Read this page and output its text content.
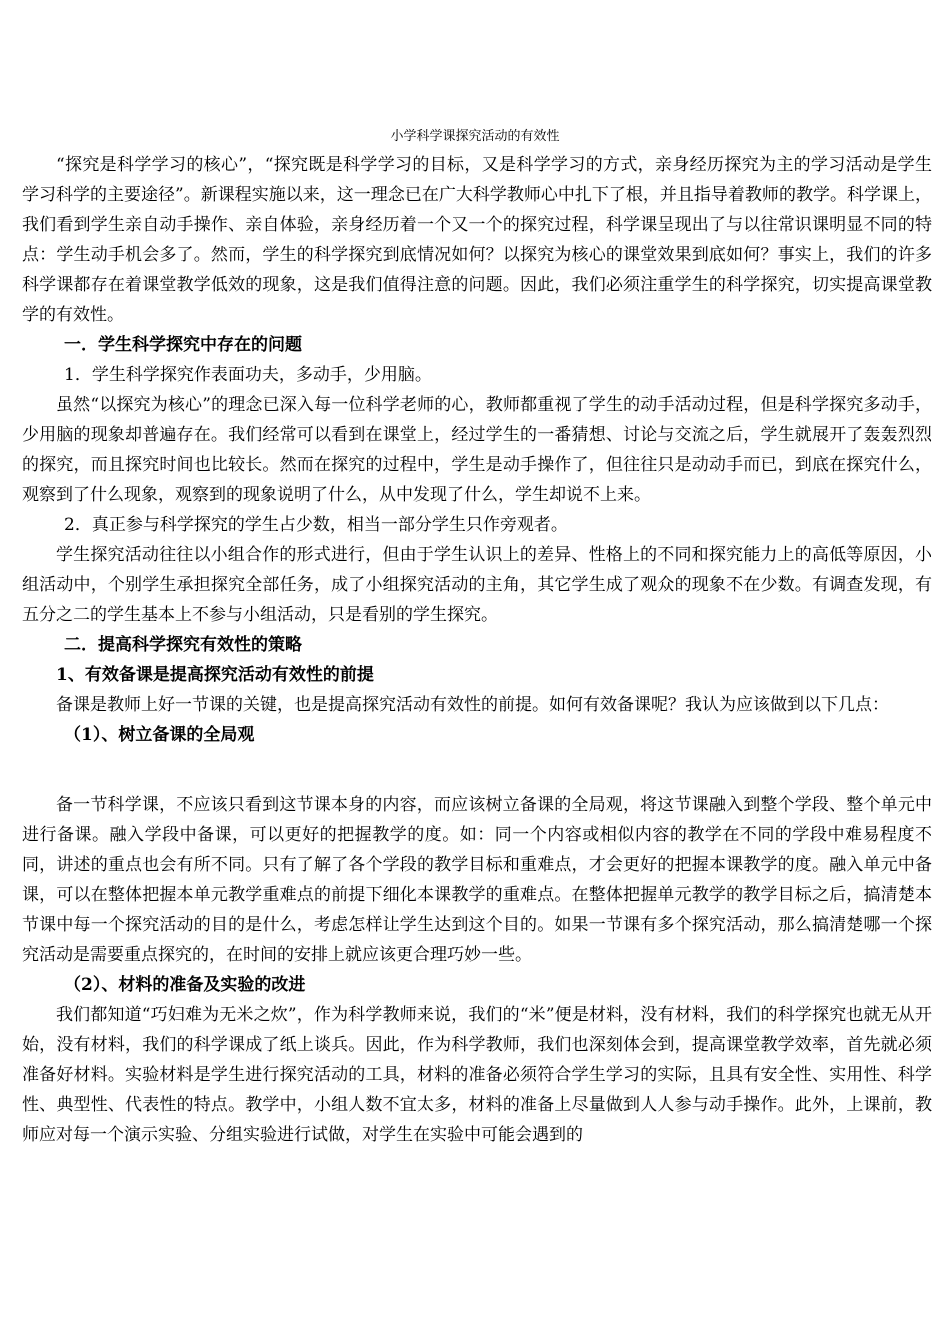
小学科学课探究活动的有效性

“探究是科学学习的核心”，“探究既是科学学习的目标，又是科学学习的方式，亲身经历探究为主的学习活动是学生学习科学的主要途径”。新课程实施以来，这一理念已在广大科学教师心中扎下了根，并且指导着教师的教学。科学课上，我们看到学生亲自动手操作、亲自体验，亲身经历着一个又一个的探究过程，科学课呈现出了与以往常识课明显不同的特点：学生动手机会多了。然而，学生的科学探究到底情况如何？以探究为核心的课堂效果到底如何？事实上，我们的许多科学课都存在着课堂教学低效的现象，这是我们值得注意的问题。因此，我们必须注重学生的科学探究，切实提高课堂教学的有效性。

一．学生科学探究中存在的问题

1．学生科学探究作表面功夫，多动手，少用脑。

虽然“以探究为核心”的理念已深入每一位科学老师的心，教师都重视了学生的动手活动过程，但是科学探究多动手，少用脑的现象却普遍存在。我们经常可以看到在课堂上，经过学生的一番猜想、讨论与交流之后，学生就展开了轰轰烈烈的探究，而且探究时间也比较长。然而在探究的过程中，学生是动手操作了，但往往只是动动手而已，到底在探究什么，观察到了什么现象，观察到的现象说明了什么，从中发现了什么，学生却说不上来。

2．真正参与科学探究的学生占少数，相当一部分学生只作旁观者。

学生探究活动往往以小组合作的形式进行，但由于学生认识上的差异、性格上的不同和探究能力上的高低等原因，小组活动中，个别学生承担探究全部任务，成了小组探究活动的主角，其它学生成了观众的现象不在少数。有调查发现，有五分之二的学生基本上不参与小组活动，只是看别的学生探究。

二．提高科学探究有效性的策略

1、有效备课是提高探究活动有效性的前提

备课是教师上好一节课的关键，也是提高探究活动有效性的前提。如何有效备课呢？我认为应该做到以下几点：

（1）、树立备课的全局观

备一节科学课，不应该只看到这节课本身的内容，而应该树立备课的全局观，将这节课融入到整个学段、整个单元中进行备课。融入学段中备课，可以更好的把握教学的度。如：同一个内容或相似内容的教学在不同的学段中难易程度不同，讲述的重点也会有所不同。只有了解了各个学段的教学目标和重难点，才会更好的把握本课教学的度。融入单元中备课，可以在整体把握本单元教学重难点的前提下细化本课教学的重难点。在整体把握单元教学的教学目标之后，搞清楚本节课中每一个探究活动的目的是什么，考虑怎样让学生达到这个目的。如果一节课有多个探究活动，那么搞清楚哪一个探究活动是需要重点探究的，在时间的安排上就应该更合理巧妙一些。

（2）、材料的准备及实验的改进

我们都知道“巧妇难为无米之炊”，作为科学教师来说，我们的“米”便是材料，没有材料，我们的科学探究也就无从开始，没有材料，我们的科学课成了纸上谈兵。因此，作为科学教师，我们也深刻体会到，提高课堂教学效率，首先就必须准备好材料。实验材料是学生进行探究活动的工具，材料的准备必须符合学生学习的实际，且具有安全性、实用性、科学性、典型性、代表性的特点。教学中，小组人数不宜太多，材料的准备上尽量做到人人参与动手操作。此外，上课前，教师应对每一个演示实验、分组实验进行试做，对学生在实验中可能会遇到的
